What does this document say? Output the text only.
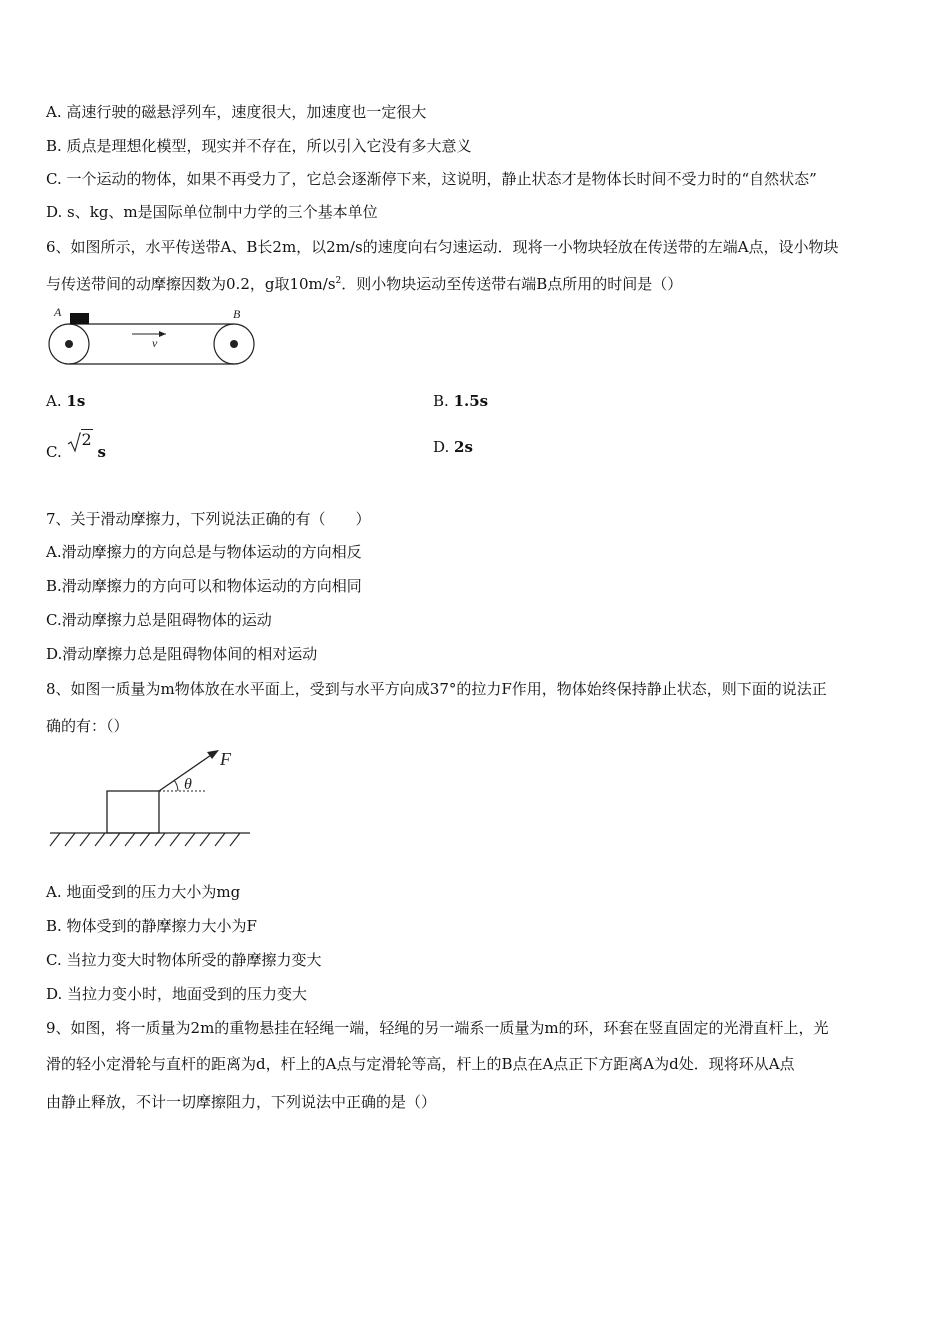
A. 高速行驶的磁悬浮列车，速度很大，加速度也一定很大
B. 质点是理想化模型，现实并不存在，所以引入它没有多大意义
C. 一个运动的物体，如果不再受力了，它总会逐渐停下来，这说明，静止状态才是物体长时间不受力时的“自然状态”
D. s、kg、m是国际单位制中力学的三个基本单位
6、如图所示，水平传送带A、B长2m，以2m/s的速度向右匀速运动．现将一小物块轻放在传送带的左端A点，设小物块
与传送带间的动摩擦因数为0.2，g取$10m/s^2$．则小物块运动至传送带右端B点所用的时间是（）
A	B
v
A. 1s	B. 1.5s
C. 2 s	D. 2s
7、关于滑动摩擦力，下列说法正确的有（　　）
A.滑动摩擦力的方向总是与物体运动的方向相反
B.滑动摩擦力的方向可以和物体运动的方向相同
C.滑动摩擦力总是阻碍物体的运动
D.滑动摩擦力总是阻碍物体间的相对运动
8、如图一质量为m物体放在水平面上，受到与水平方向成37°的拉力F作用，物体始终保持静止状态，则下面的说法正
确的有：（）
θ
F
A. 地面受到的压力大小为mg
B. 物体受到的静摩擦力大小为F
C. 当拉力变大时物体所受的静摩擦力变大
D. 当拉力变小时，地面受到的压力变大
9、如图，将一质量为2m的重物悬挂在轻绳一端，轻绳的另一端系一质量为m的环，环套在竖直固定的光滑直杆上，光
滑的轻小定滑轮与直杆的距离为d，杆上的A点与定滑轮等高，杆上的B点在A点正下方距离A为d处．现将环从A点
由静止释放，不计一切摩擦阻力，下列说法中正确的是（）
